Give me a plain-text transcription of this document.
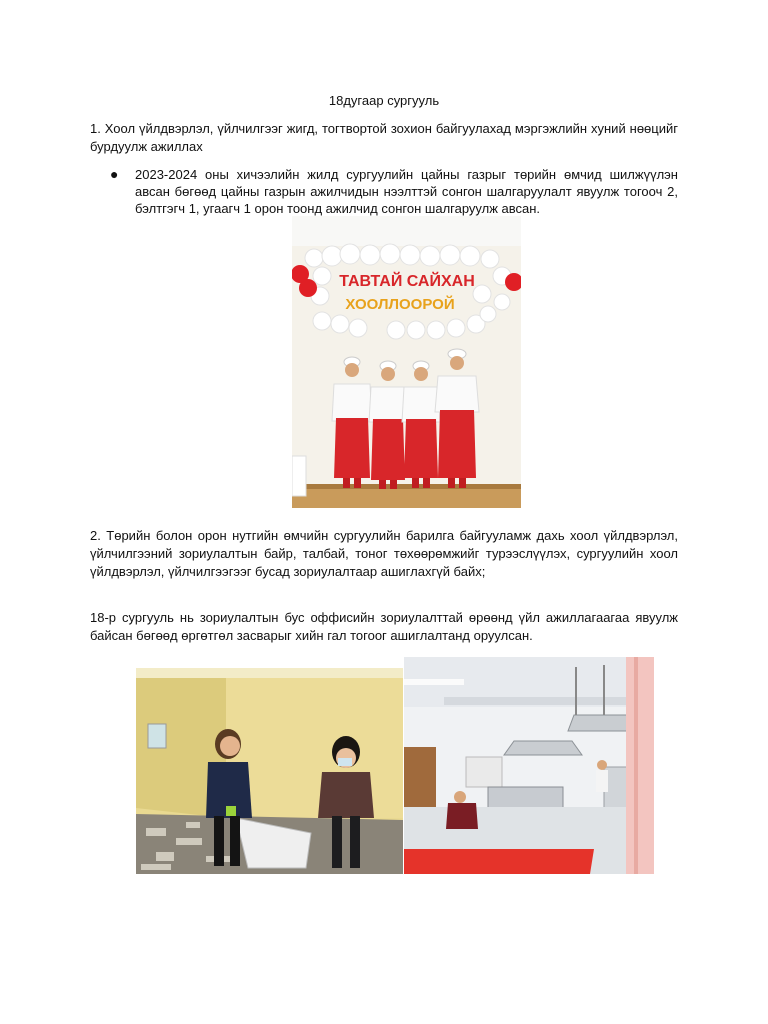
18дугаар сургууль
1. Хоол үйлдвэрлэл, үйлчилгээг жигд, тогтвортой зохион байгуулахад мэргэжлийн хуний нөөцийг бурдуулж ажиллах
● 2023-2024 оны хичээлийн жилд сургуулийн цайны газрыг төрийн өмчид шилжүүлэн авсан бөгөөд цайны газрын ажилчидын нээлттэй сонгон шалгаруулалт явуулж тогооч 2, бэлтгэгч 1, угаагч 1 орон тоонд ажилчид сонгон шалгаруулж авсан.
ТАВТАЙ САЙХАН
ХООЛЛООРОЙ
2. Төрийн болон орон нутгийн өмчийн сургуулийн барилга байгууламж дахь хоол үйлдвэрлэл, үйлчилгээний зориулалтын байр, талбай, тоног төхөөрөмжийг турээслүүлэх, сургуулийн хоол үйлдвэрлэл, үйлчилгээгээг бусад зориулалтаар ашиглахгүй байх;
18-р сургууль нь зориулалтын бус оффисийн зориулалттай өрөөнд үйл ажиллагаагаа явуулж байсан бөгөөд өргөтгөл засварыг хийн гал тогоог ашиглалтанд оруулсан.
